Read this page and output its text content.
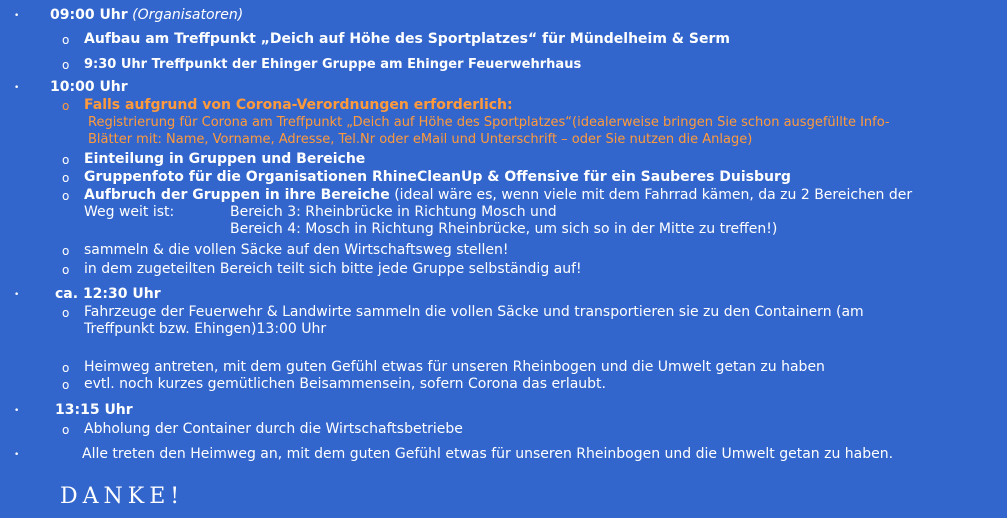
• 09:00 Uhr (Organisatoren)
o Aufbau am Treffpunkt „Deich auf Höhe des Sportplatzes“ für Mündelheim & Serm
o 9:30 Uhr Treffpunkt der Ehinger Gruppe am Ehinger Feuerwehrhaus
• 10:00 Uhr
o Falls aufgrund von Corona-Verordnungen erforderlich:
Registrierung für Corona am Treffpunkt „Deich auf Höhe des Sportplatzes“(idealerweise bringen Sie schon ausgefüllte Info-
Blätter mit: Name, Vorname, Adresse, Tel.Nr oder eMail und Unterschrift – oder Sie nutzen die Anlage)
o Einteilung in Gruppen und Bereiche
o Gruppenfoto für die Organisationen RhineCleanUp & Offensive für ein Sauberes Duisburg
o Aufbruch der Gruppen in ihre Bereiche (ideal wäre es, wenn viele mit dem Fahrrad kämen, da zu 2 Bereichen der
Weg weit ist:	Bereich 3: Rheinbrücke in Richtung Mosch und
Bereich 4: Mosch in Richtung Rheinbrücke, um sich so in der Mitte zu treffen!)
o sammeln & die vollen Säcke auf den Wirtschaftsweg stellen!
o in dem zugeteilten Bereich teilt sich bitte jede Gruppe selbständig auf!
•	ca. 12:30 Uhr
o Fahrzeuge der Feuerwehr & Landwirte sammeln die vollen Säcke und transportieren sie zu den Containern (am
Treffpunkt bzw. Ehingen)13:00 Uhr
o Heimweg antreten, mit dem guten Gefühl etwas für unseren Rheinbogen und die Umwelt getan zu haben
o evtl. noch kurzes gemütlichen Beisammensein, sofern Corona das erlaubt.
•	13:15 Uhr
o Abholung der Container durch die Wirtschaftsbetriebe
•	Alle treten den Heimweg an, mit dem guten Gefühl etwas für unseren Rheinbogen und die Umwelt getan zu haben.
DANKE!
